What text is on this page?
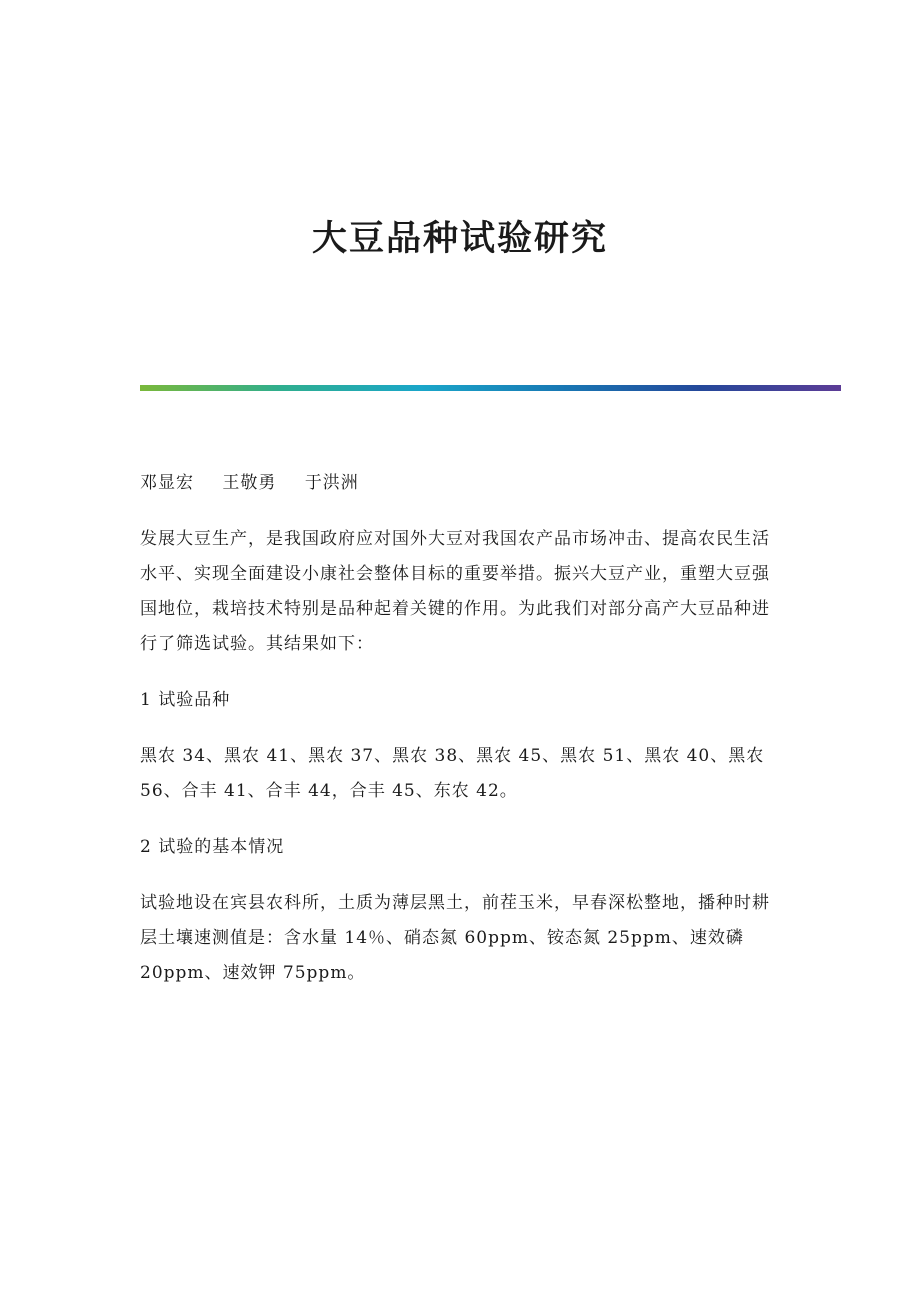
大豆品种试验研究

邓显宏 王敬勇 于洪洲

发展大豆生产，是我国政府应对国外大豆对我国农产品市场冲击、提高农民生活水平、实现全面建设小康社会整体目标的重要举措。振兴大豆产业，重塑大豆强国地位，栽培技术特别是品种起着关键的作用。为此我们对部分高产大豆品种进行了筛选试验。其结果如下：

1 试验品种

黑农 34、黑农 41、黑农 37、黑农 38、黑农 45、黑农 51、黑农 40、黑农 56、合丰 41、合丰 44，合丰 45、东农 42。

2 试验的基本情况

试验地设在宾县农科所，土质为薄层黑土，前茬玉米，早春深松整地，播种时耕层土壤速测值是：含水量 14％、硝态氮 60ppm、铵态氮 25ppm、速效磷 20ppm、速效钾 75ppm。
